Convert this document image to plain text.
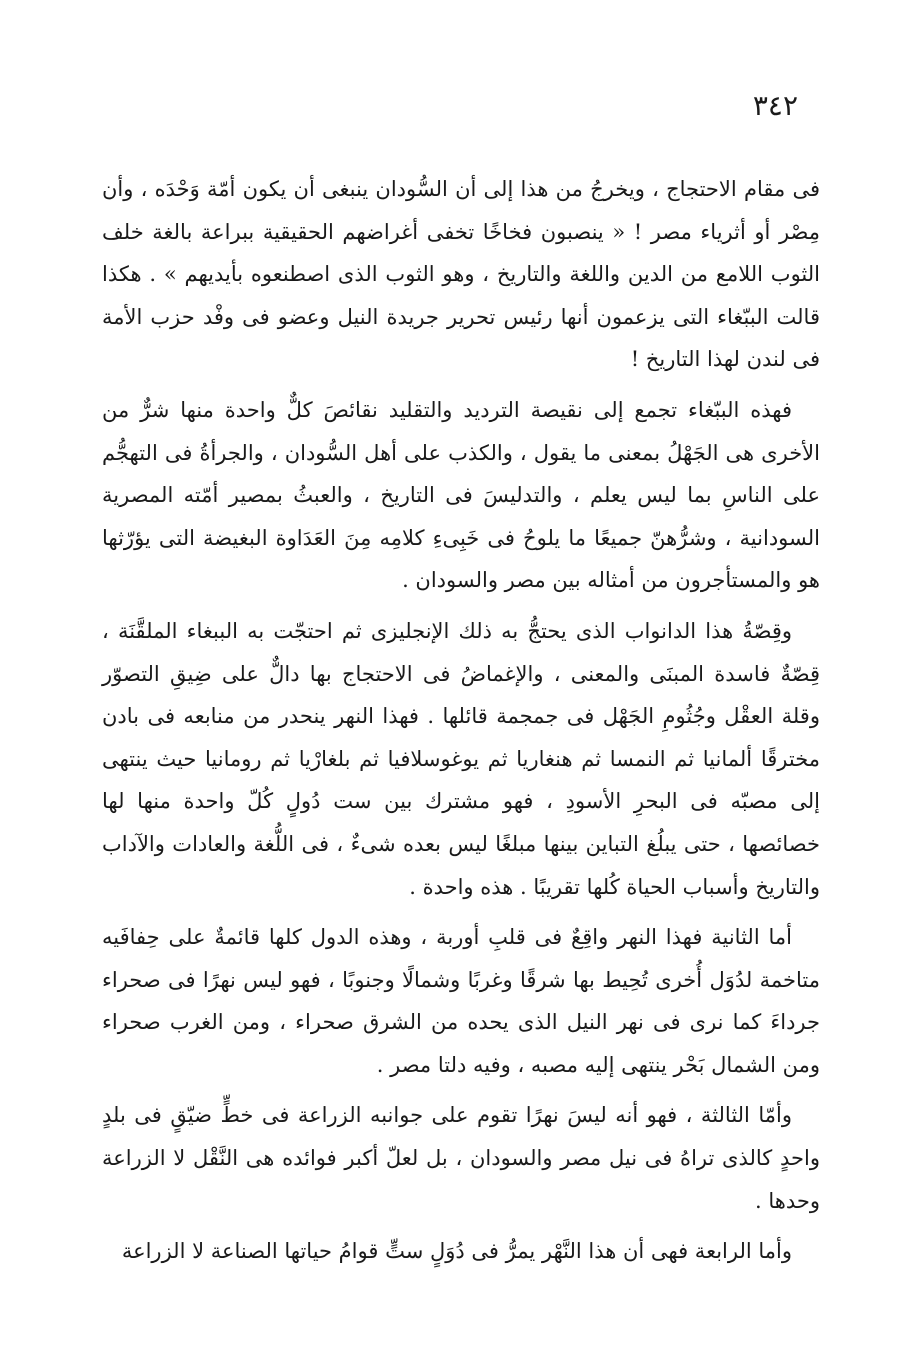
٣٤٢

فى مقام الاحتجاج ، ويخرجُ من هذا إلى أن السُّودان ينبغى أن يكون أمّة وَحْدَه ، وأن مِصْر أو أثرياء مصر ! « ينصبون فخاخًا تخفى أغراضهم الحقيقية ببراعة بالغة خلف الثوب اللامع من الدين واللغة والتاريخ ، وهو الثوب الذى اصطنعوه بأيديهم » . هكذا قالت الببّغاء التى يزعمون أنها رئيس تحرير جريدة النيل وعضو فى وفْد حزب الأمة فى لندن لهذا التاريخ !

فهذه الببّغاء تجمع إلى نقيصة الترديد والتقليد نقائصَ كلٌّ واحدة منها شرٌّ من الأخرى هى الجَهْلُ بمعنى ما يقول ، والكذب على أهل السُّودان ، والجرأةُ فى التهجُّم على الناسِ بما ليس يعلم ، والتدليسَ فى التاريخ ، والعبثُ بمصير أمّته المصرية السودانية ، وشرُّهنّ جميعًا ما يلوحُ فى خَبِىءِ كلامِه مِنَ العَدَاوة البغيضة التى يؤرّثها هو والمستأجرون من أمثاله بين مصر والسودان .

وقِصّةُ هذا الدانواب الذى يحتجُّ به ذلك الإنجليزى ثم احتجّت به الببغاء الملقَّنَة ، قِصّةٌ فاسدة المبنَى والمعنى ، والإغماضُ فى الاحتجاج بها دالٌّ على ضِيقِ التصوّر وقلة العقْل وجُثُومِ الجَهْل فى جمجمة قائلها . فهذا النهر ينحدر من منابعه فى بادن مخترقًا ألمانيا ثم النمسا ثم هنغاريا ثم يوغوسلافيا ثم بلغارْيا ثم رومانيا حيث ينتهى إلى مصبّه فى البحرِ الأسودِ ، فهو مشترك بين ست دُولٍ كُلّ واحدة منها لها خصائصها ، حتى يبلُغ التباين بينها مبلغًا ليس بعده شىءٌ ، فى اللُّغة والعادات والآداب والتاريخ وأسباب الحياة كُلها تقريبًا . هذه واحدة .

أما الثانية فهذا النهر واقِعٌ فى قلبِ أوربة ، وهذه الدول كلها قائمةٌ على حِفافَيه متاخمة لدُوَل أُخرى تُحِيط بها شرقًا وغربًا وشمالًا وجنوبًا ، فهو ليس نهرًا فى صحراء جرداءَ كما نرى فى نهر النيل الذى يحده من الشرق صحراء ، ومن الغرب صحراء ومن الشمال بَحْر ينتهى إليه مصبه ، وفيه دلتا مصر .

وأمّا الثالثة ، فهو أنه ليسَ نهرًا تقوم على جوانبه الزراعة فى خطٍّ ضيّقٍ فى بلدٍ واحدٍ كالذى تراهُ فى نيل مصر والسودان ، بل لعلّ أكبر فوائده هى النَّقْل لا الزراعة وحدها .

وأما الرابعة فهى أن هذا النَّهْر يمرُّ فى دُوَلٍ ستٍّ قوامُ حياتها الصناعة لا الزراعة
